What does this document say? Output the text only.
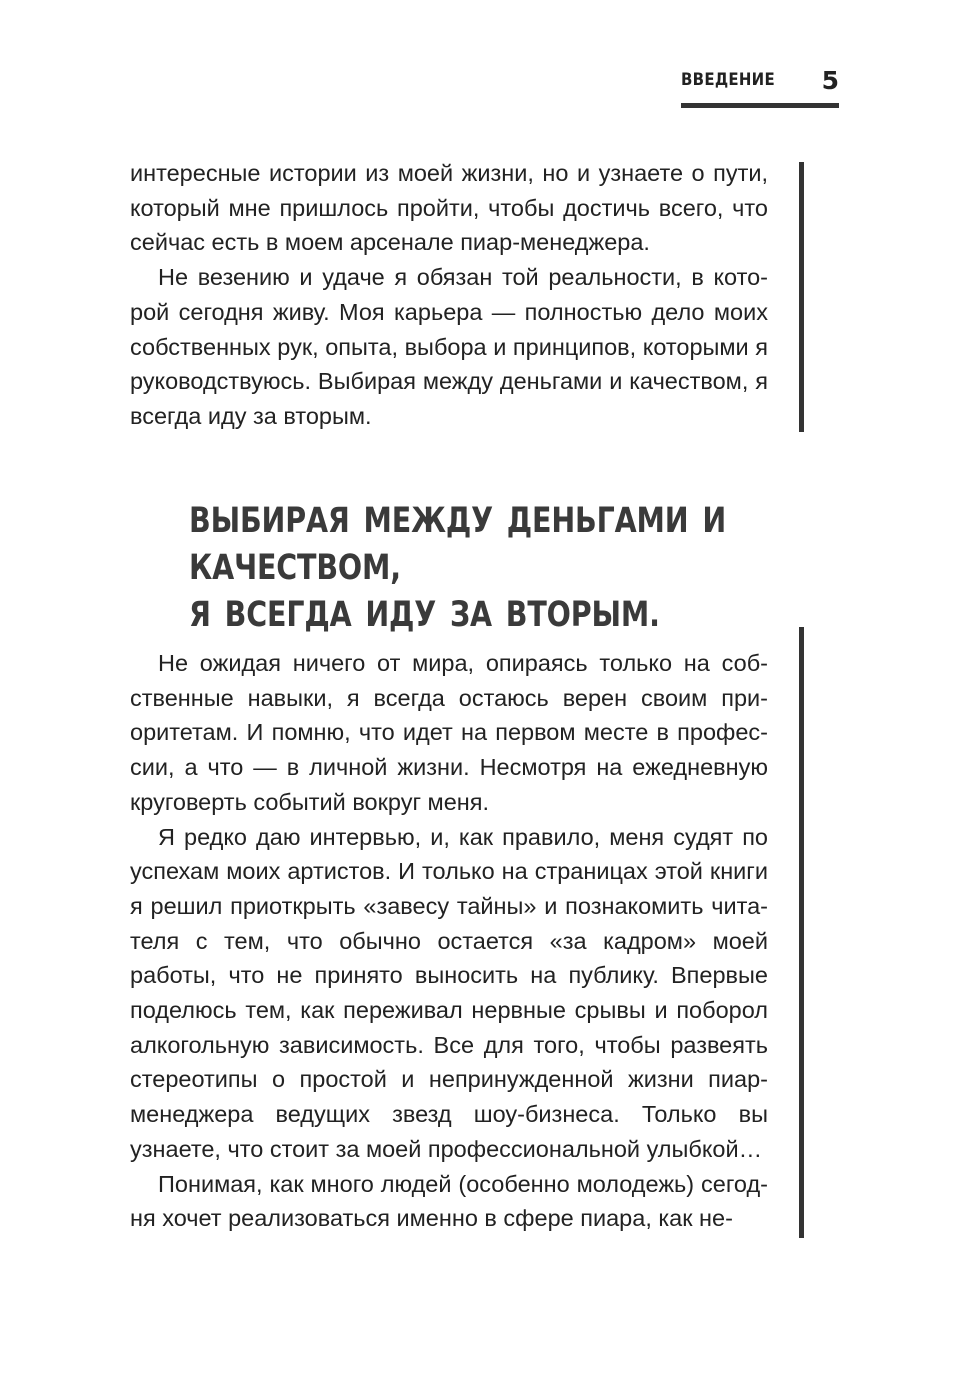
ВВЕДЕНИЕ 5

интересные истории из моей жизни, но и узнаете о пути, который мне пришлось пройти, чтобы достичь всего, что сейчас есть в моем арсенале пиар-менеджера.

Не везению и удаче я обязан той реальности, в которой сегодня живу. Моя карьера — полностью дело моих собственных рук, опыта, выбора и принципов, которыми я руководствуюсь. Выбирая между деньгами и качеством, я всегда иду за вторым.

ВЫБИРАЯ МЕЖДУ ДЕНЬГАМИ И КАЧЕСТВОМ,
Я ВСЕГДА ИДУ ЗА ВТОРЫМ.

Не ожидая ничего от мира, опираясь только на собственные навыки, я всегда остаюсь верен своим приоритетам. И помню, что идет на первом месте в профессии, а что — в личной жизни. Несмотря на ежедневную круговерть событий вокруг меня.

Я редко даю интервью, и, как правило, меня судят по успехам моих артистов. И только на страницах этой книги я решил приоткрыть «завесу тайны» и познакомить читателя с тем, что обычно остается «за кадром» моей работы, что не принято выносить на публику. Впервые поделюсь тем, как переживал нервные срывы и поборол алкогольную зависимость. Все для того, чтобы развеять стереотипы о простой и непринужденной жизни пиар-менеджера ведущих звезд шоу-бизнеса. Только вы узнаете, что стоит за моей профессиональной улыбкой…

Понимая, как много людей (особенно молодежь) сегодня хочет реализоваться именно в сфере пиара, как не-
